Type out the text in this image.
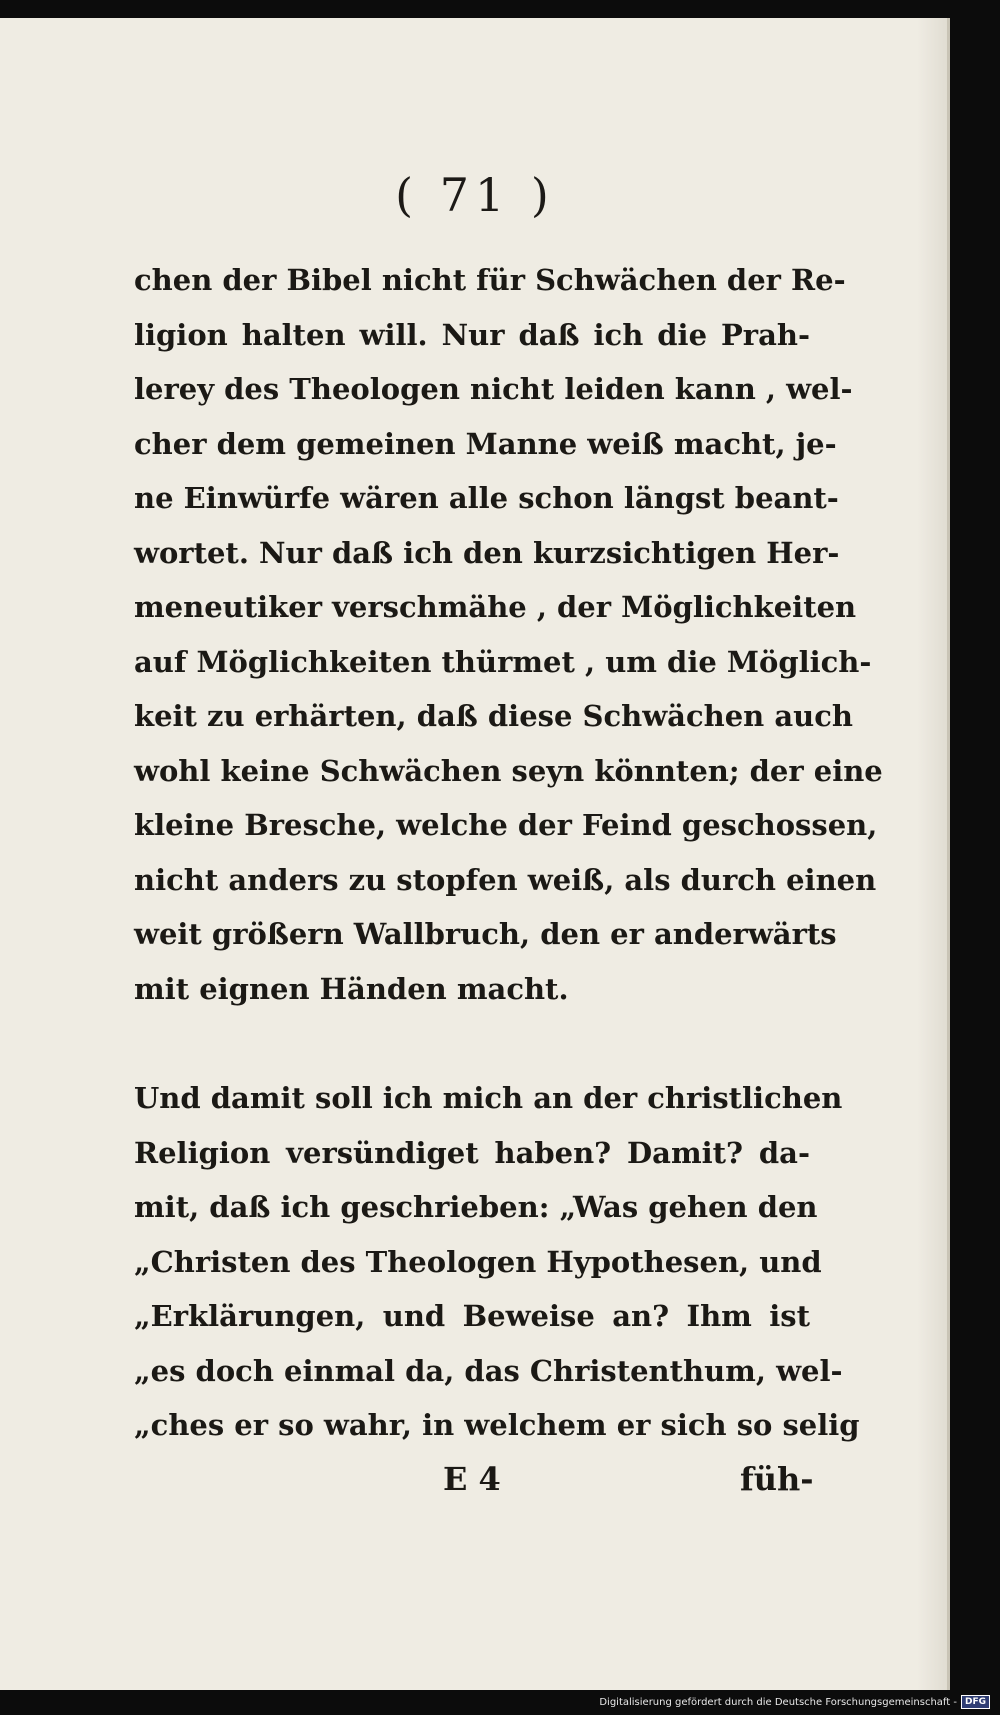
( 71 )
chen der Bibel nicht für Schwächen der Re-
ligion halten will. Nur daß ich die Prah-
lerey des Theologen nicht leiden kann , wel-
cher dem gemeinen Manne weiß macht, je-
ne Einwürfe wären alle schon längst beant-
wortet. Nur daß ich den kurzsichtigen Her-
meneutiker verschmähe , der Möglichkeiten
auf Möglichkeiten thürmet , um die Möglich-
keit zu erhärten, daß diese Schwächen auch
wohl keine Schwächen seyn könnten; der eine
kleine Bresche, welche der Feind geschossen,
nicht anders zu stopfen weiß, als durch einen
weit größern Wallbruch, den er anderwärts
mit eignen Händen macht.
Und damit soll ich mich an der christlichen
Religion versündiget haben? Damit? da-
mit, daß ich geschrieben: „Was gehen den
„Christen des Theologen Hypothesen, und
„Erklärungen, und Beweise an? Ihm ist
„es doch einmal da, das Christenthum, wel-
„ches er so wahr, in welchem er sich so selig
E 4	füh-
Digitalisierung gefördert durch die Deutsche Forschungsgemeinschaft - DFG
